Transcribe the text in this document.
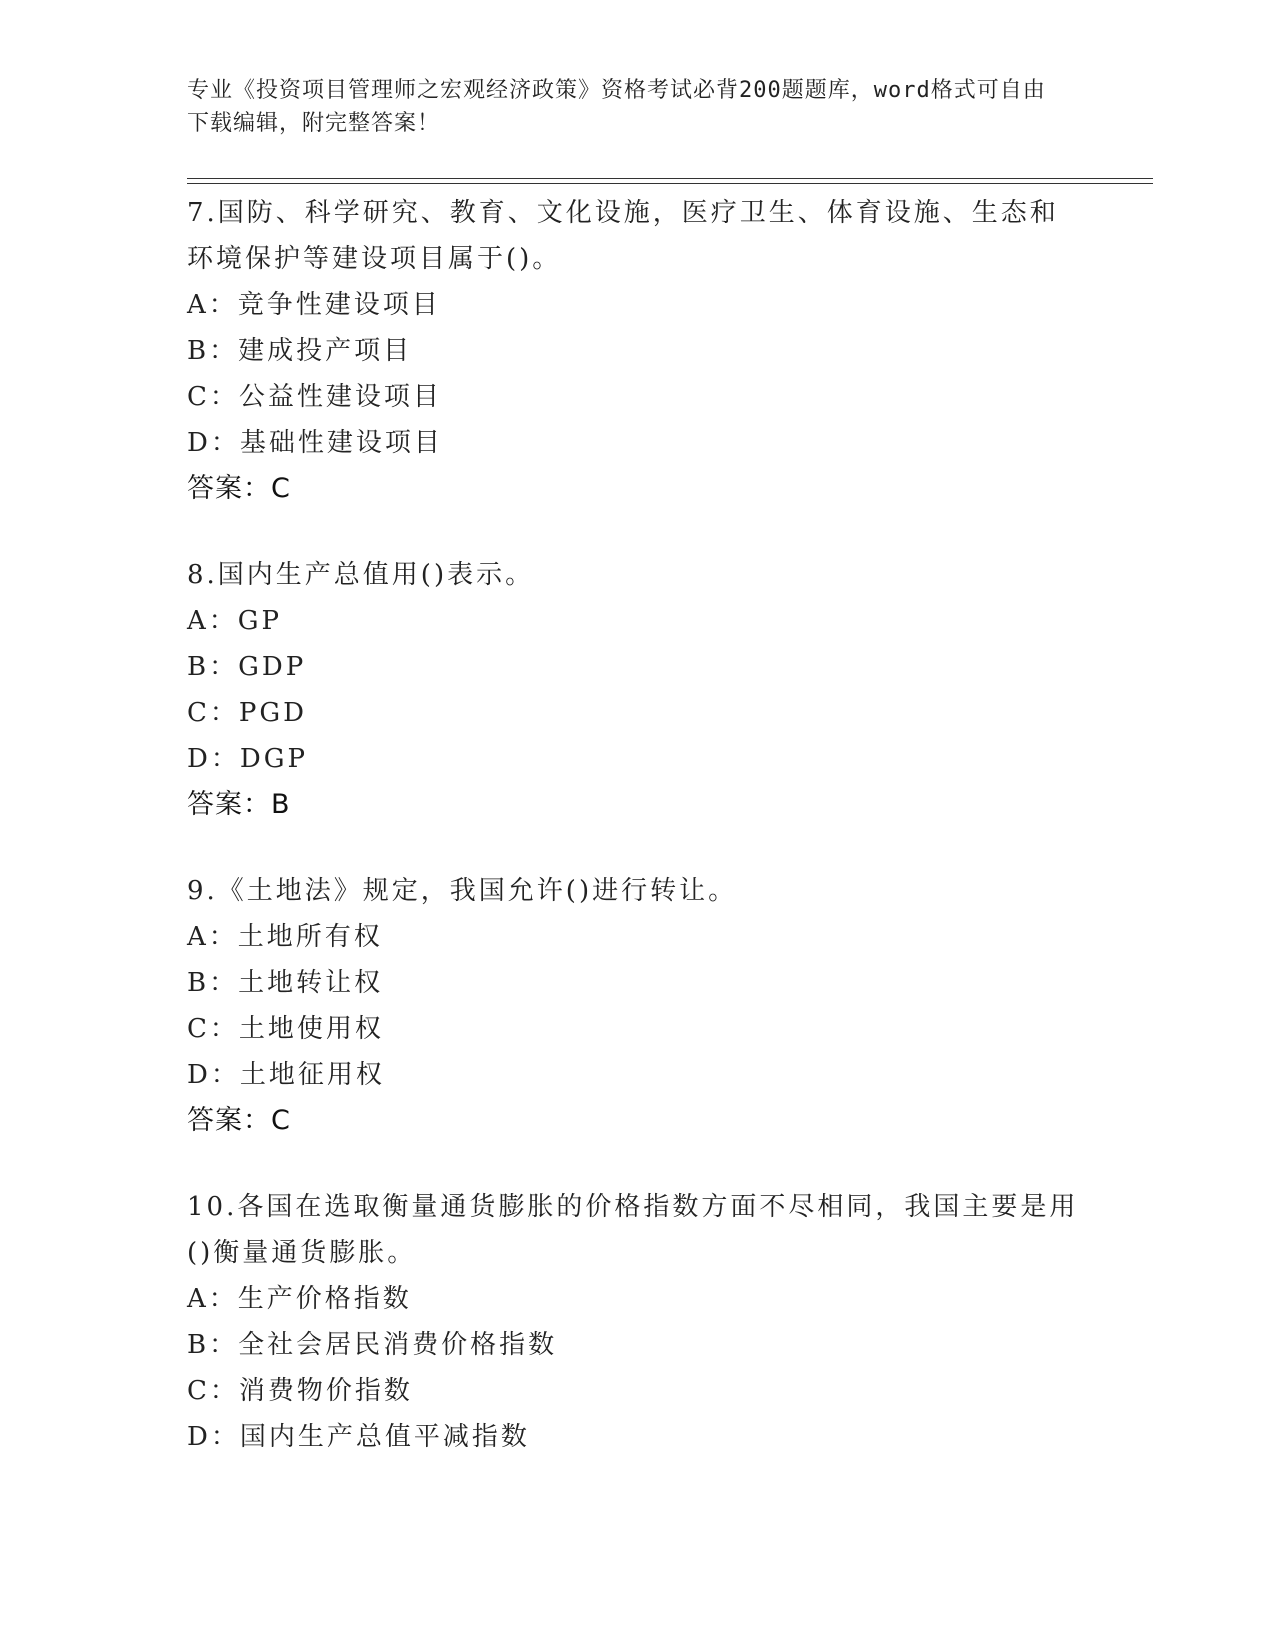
专业《投资项目管理师之宏观经济政策》资格考试必背200题题库，word格式可自由下载编辑，附完整答案！
7.国防、科学研究、教育、文化设施，医疗卫生、体育设施、生态和环境保护等建设项目属于()。
A：竞争性建设项目
B：建成投产项目
C：公益性建设项目
D：基础性建设项目
答案：C
8.国内生产总值用()表示。
A：GP
B：GDP
C：PGD
D：DGP
答案：B
9.《土地法》规定，我国允许()进行转让。
A：土地所有权
B：土地转让权
C：土地使用权
D：土地征用权
答案：C
10.各国在选取衡量通货膨胀的价格指数方面不尽相同，我国主要是用()衡量通货膨胀。
A：生产价格指数
B：全社会居民消费价格指数
C：消费物价指数
D：国内生产总值平减指数
